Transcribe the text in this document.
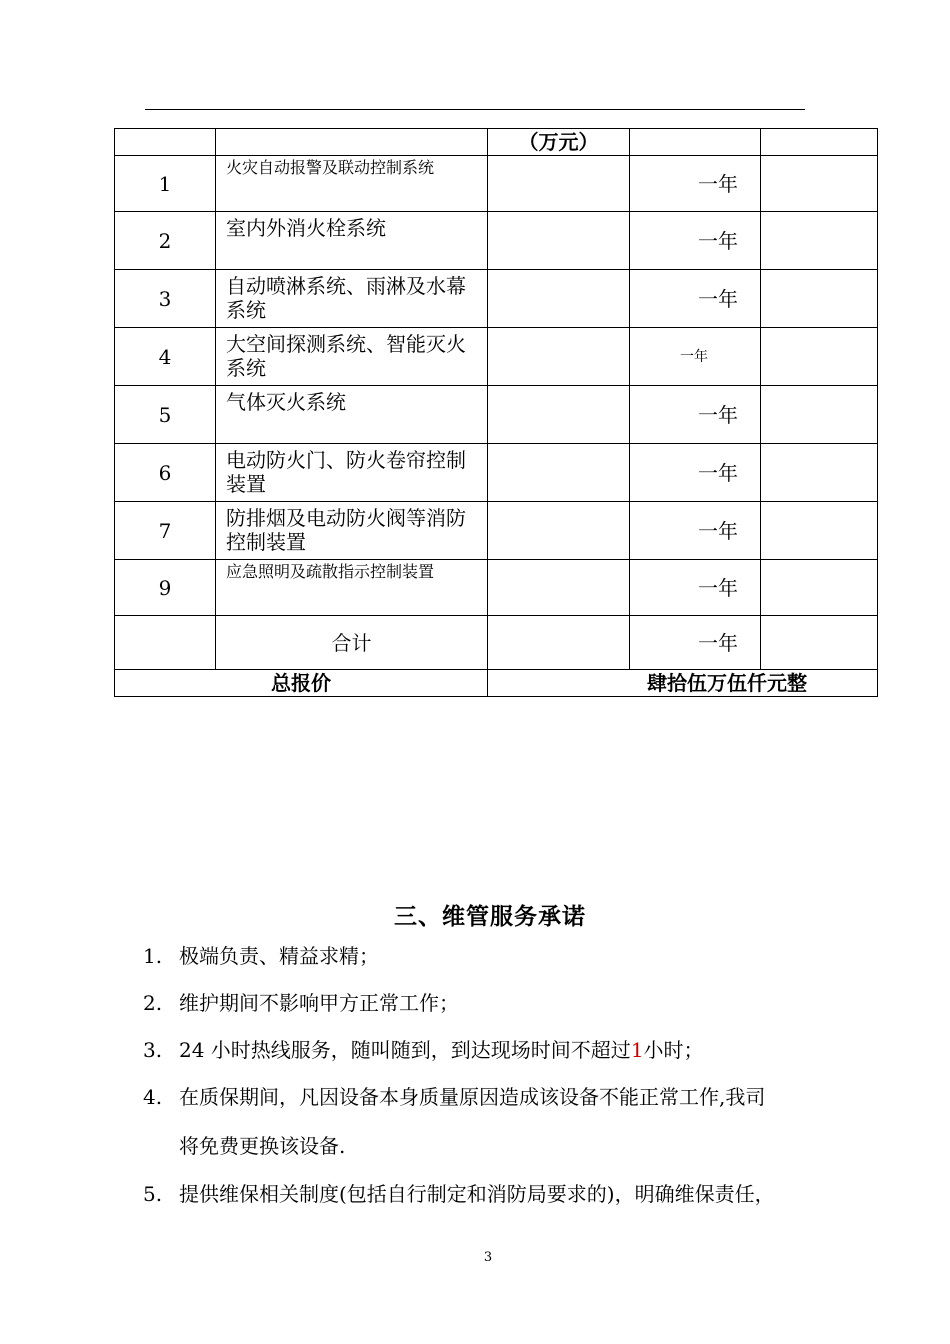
		（万元）		
1	火灾自动报警及联动控制系统		一年	
2	室内外消火栓系统		一年	
3	自动喷淋系统、雨淋及水幕系统		一年	
4	大空间探测系统、智能灭火系统		一年	
5	气体灭火系统		一年	
6	电动防火门、防火卷帘控制装置		一年	
7	防排烟及电动防火阀等消防控制装置		一年	
9	应急照明及疏散指示控制装置		一年	
	合计		一年	
总报价		肆拾伍万伍仟元整		
三、维管服务承诺
1. 极端负责、精益求精；
2. 维护期间不影响甲方正常工作；
3. 24 小时热线服务，随叫随到，到达现场时间不超过1小时；
4. 在质保期间，凡因设备本身质量原因造成该设备不能正常工作,我司
将免费更换该设备.
5. 提供维保相关制度(包括自行制定和消防局要求的)，明确维保责任，
3
